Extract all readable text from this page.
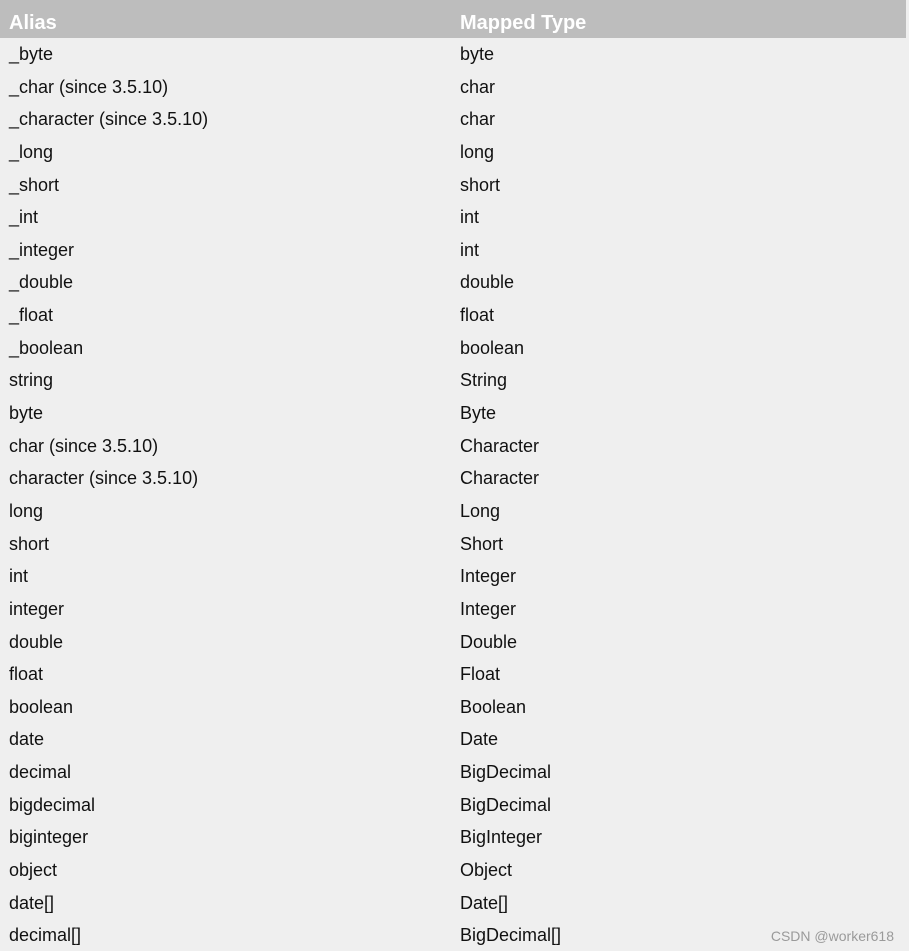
Alias	Mapped Type
_byte	byte
_char (since 3.5.10)	char
_character (since 3.5.10)	char
_long	long
_short	short
_int	int
_integer	int
_double	double
_float	float
_boolean	boolean
string	String
byte	Byte
char (since 3.5.10)	Character
character (since 3.5.10)	Character
long	Long
short	Short
int	Integer
integer	Integer
double	Double
float	Float
boolean	Boolean
date	Date
decimal	BigDecimal
bigdecimal	BigDecimal
biginteger	BigInteger
object	Object
date[]	Date[]
decimal[]	BigDecimal[]	CSDN @worker618
